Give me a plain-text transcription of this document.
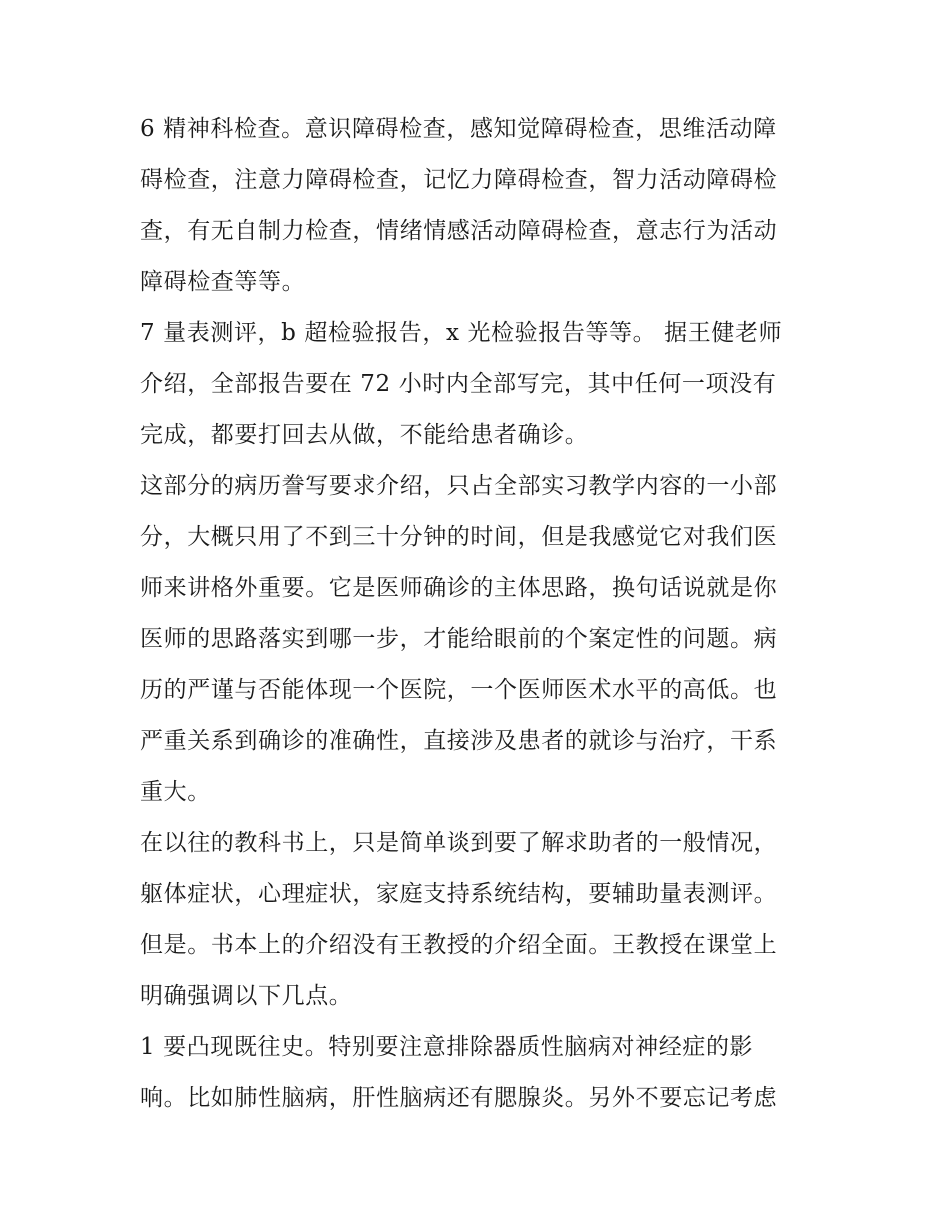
6 精神科检查。意识障碍检查，感知觉障碍检查，思维活动障
碍检查，注意力障碍检查，记忆力障碍检查，智力活动障碍检
查，有无自制力检查，情绪情感活动障碍检查，意志行为活动
障碍检查等等。
7 量表测评，b 超检验报告，x 光检验报告等等。 据王健老师
介绍，全部报告要在 72 小时内全部写完，其中任何一项没有
完成，都要打回去从做，不能给患者确诊。
这部分的病历誊写要求介绍，只占全部实习教学内容的一小部
分，大概只用了不到三十分钟的时间，但是我感觉它对我们医
师来讲格外重要。它是医师确诊的主体思路，换句话说就是你
医师的思路落实到哪一步，才能给眼前的个案定性的问题。病
历的严谨与否能体现一个医院，一个医师医术水平的高低。也
严重关系到确诊的准确性，直接涉及患者的就诊与治疗，干系
重大。
在以往的教科书上，只是简单谈到要了解求助者的一般情况，
躯体症状，心理症状，家庭支持系统结构，要辅助量表测评。
但是。书本上的介绍没有王教授的介绍全面。王教授在课堂上
明确强调以下几点。
1 要凸现既往史。特别要注意排除器质性脑病对神经症的影
响。比如肺性脑病，肝性脑病还有腮腺炎。另外不要忘记考虑
